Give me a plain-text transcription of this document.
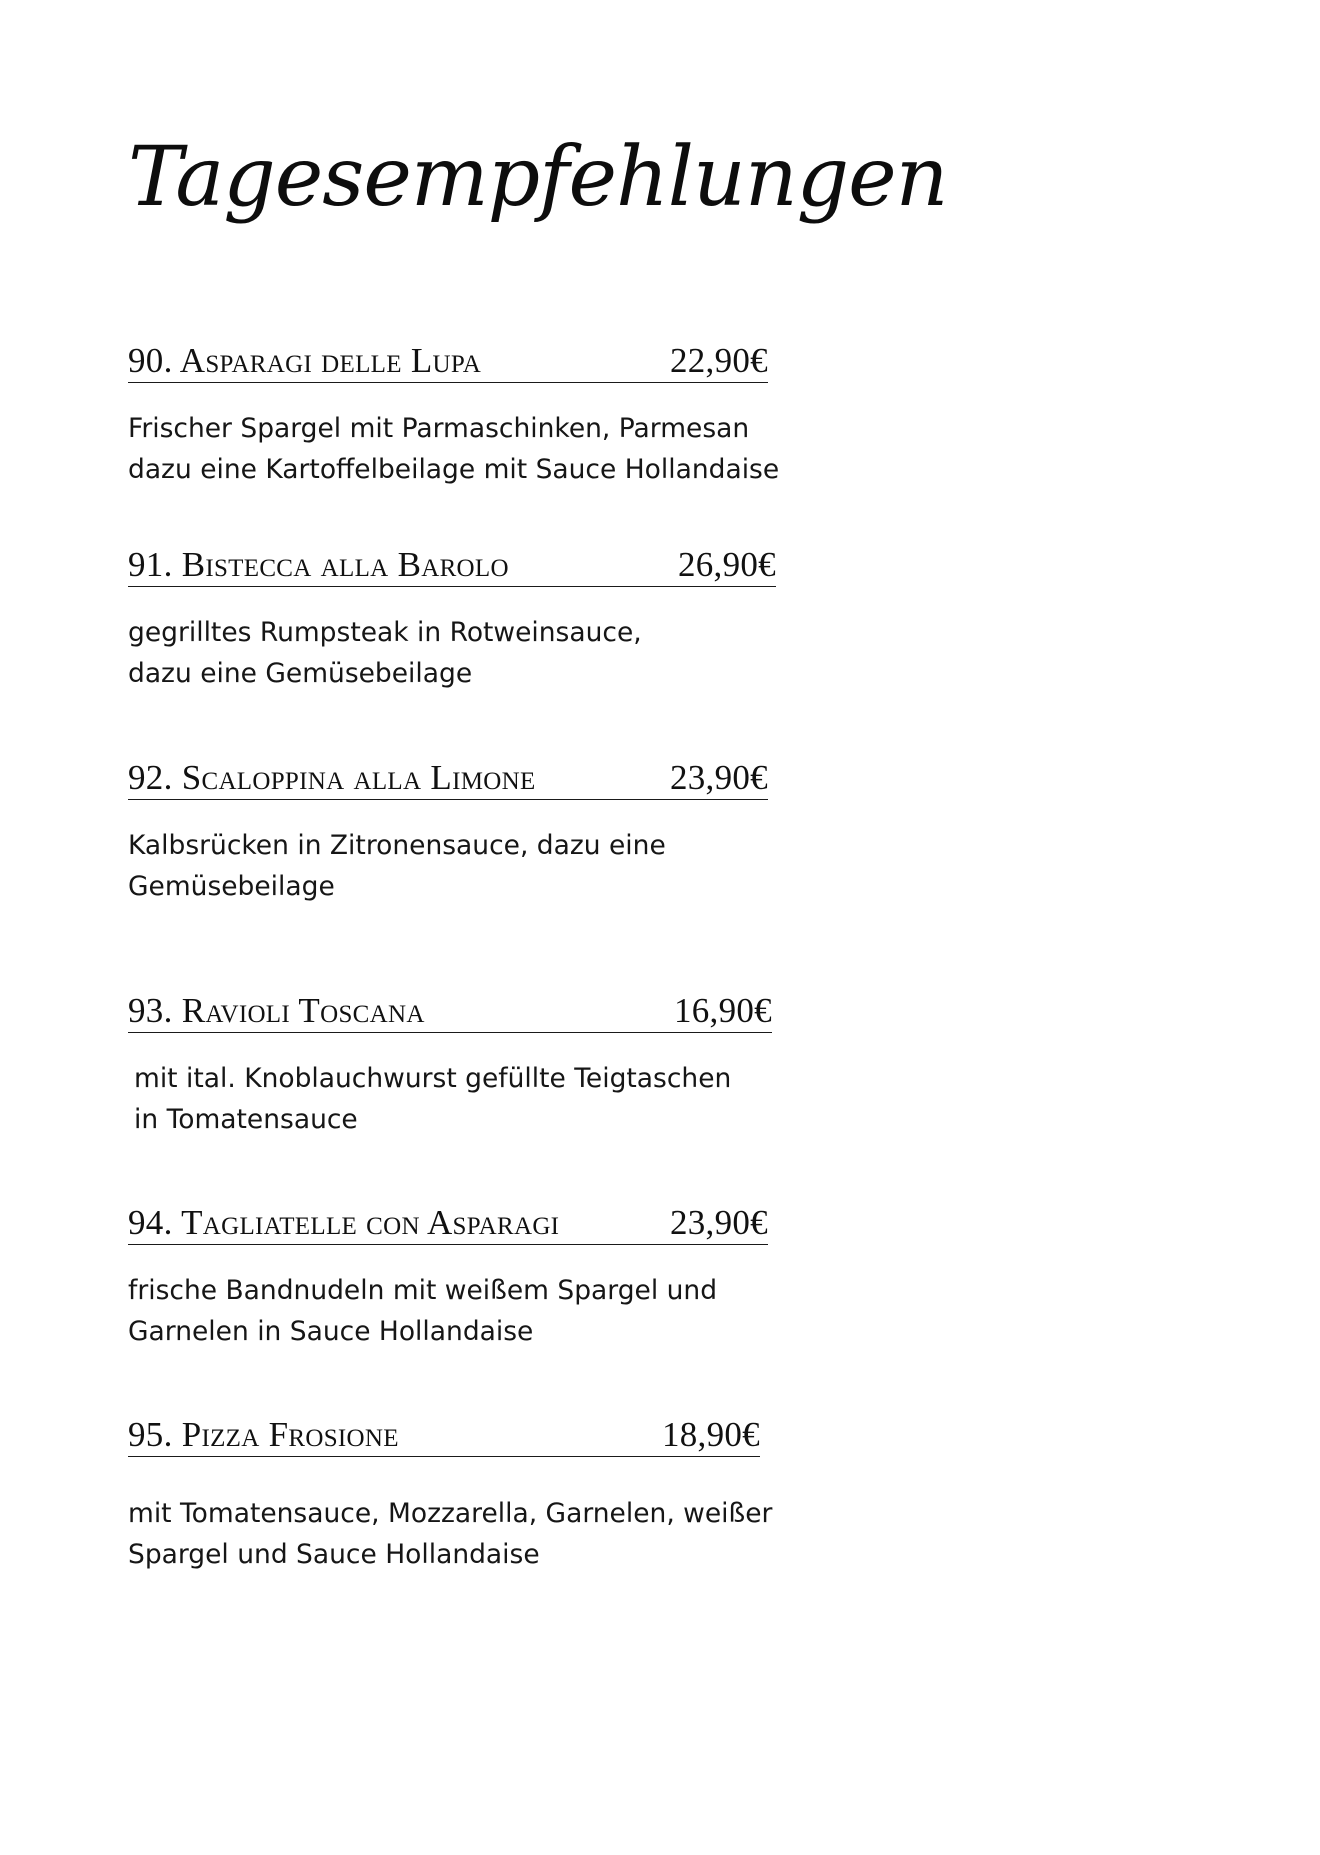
Tagesempfehlungen
90. Asparagi delle Lupa	22,90€
Frischer Spargel mit Parmaschinken, Parmesan
dazu eine Kartoffelbeilage mit Sauce Hollandaise
91. Bistecca alla Barolo	26,90€
gegrilltes Rumpsteak in Rotweinsauce,
dazu eine Gemüsebeilage
92. Scaloppina alla Limone	23,90€
Kalbsrücken in Zitronensauce, dazu eine
Gemüsebeilage
93. Ravioli Toscana	16,90€
mit ital. Knoblauchwurst gefüllte Teigtaschen
in Tomatensauce
94. Tagliatelle con Asparagi	23,90€
frische Bandnudeln mit weißem Spargel und
Garnelen in Sauce Hollandaise
95. Pizza Frosione	18,90€
mit Tomatensauce, Mozzarella, Garnelen, weißer
Spargel und Sauce Hollandaise
